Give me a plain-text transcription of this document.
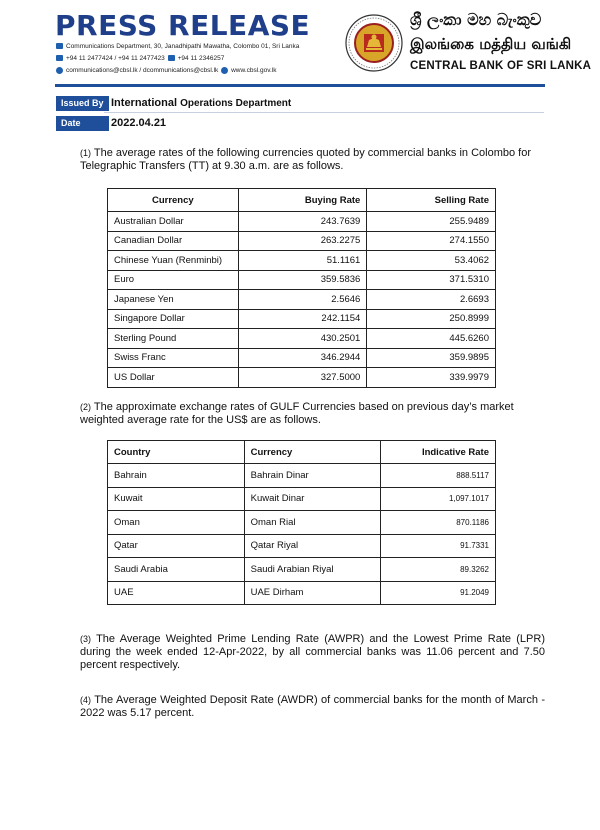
PRESS RELEASE
Communications Department, 30, Janadhipathi Mawatha, Colombo 01, Sri Lanka
+94 11 2477424 / +94 11 2477423 +94 11 2346257
communications@cbsl.lk / dcommunications@cbsl.lk www.cbsl.gov.lk
ශ්‍රී ලංකා මහ බැංකුව
இலங்கை மத்திய வங்கி
CENTRAL BANK OF SRI LANKA
Issued By International Operations Department
Date	2022.04.21
(1) The average rates of the following currencies quoted by commercial banks in Colombo for Telegraphic Transfers (TT) at 9.30 a.m. are as follows.
Currency	Buying Rate	Selling Rate
Australian Dollar	243.7639	255.9489
Canadian Dollar	263.2275	274.1550
Chinese Yuan (Renminbi)	51.1161	53.4062
Euro	359.5836	371.5310
Japanese Yen	2.5646	2.6693
Singapore Dollar	242.1154	250.8999
Sterling Pound	430.2501	445.6260
Swiss Franc	346.2944	359.9895
US Dollar	327.5000	339.9979
(2) The approximate exchange rates of GULF Currencies based on previous day’s market weighted average rate for the US$ are as follows.
Country	Currency	Indicative Rate
Bahrain	Bahrain Dinar	888.5117
Kuwait	Kuwait Dinar	1,097.1017
Oman	Oman Rial	870.1186
Qatar	Qatar Riyal	91.7331
Saudi Arabia	Saudi Arabian Riyal	89.3262
UAE	UAE Dirham	91.2049
(3) The Average Weighted Prime Lending Rate (AWPR) and the Lowest Prime Rate (LPR) during the week ended 12-Apr-2022, by all commercial banks was 11.06 percent and 7.50 percent respectively.
(4) The Average Weighted Deposit Rate (AWDR) of commercial banks for the month of March - 2022 was 5.17 percent.
